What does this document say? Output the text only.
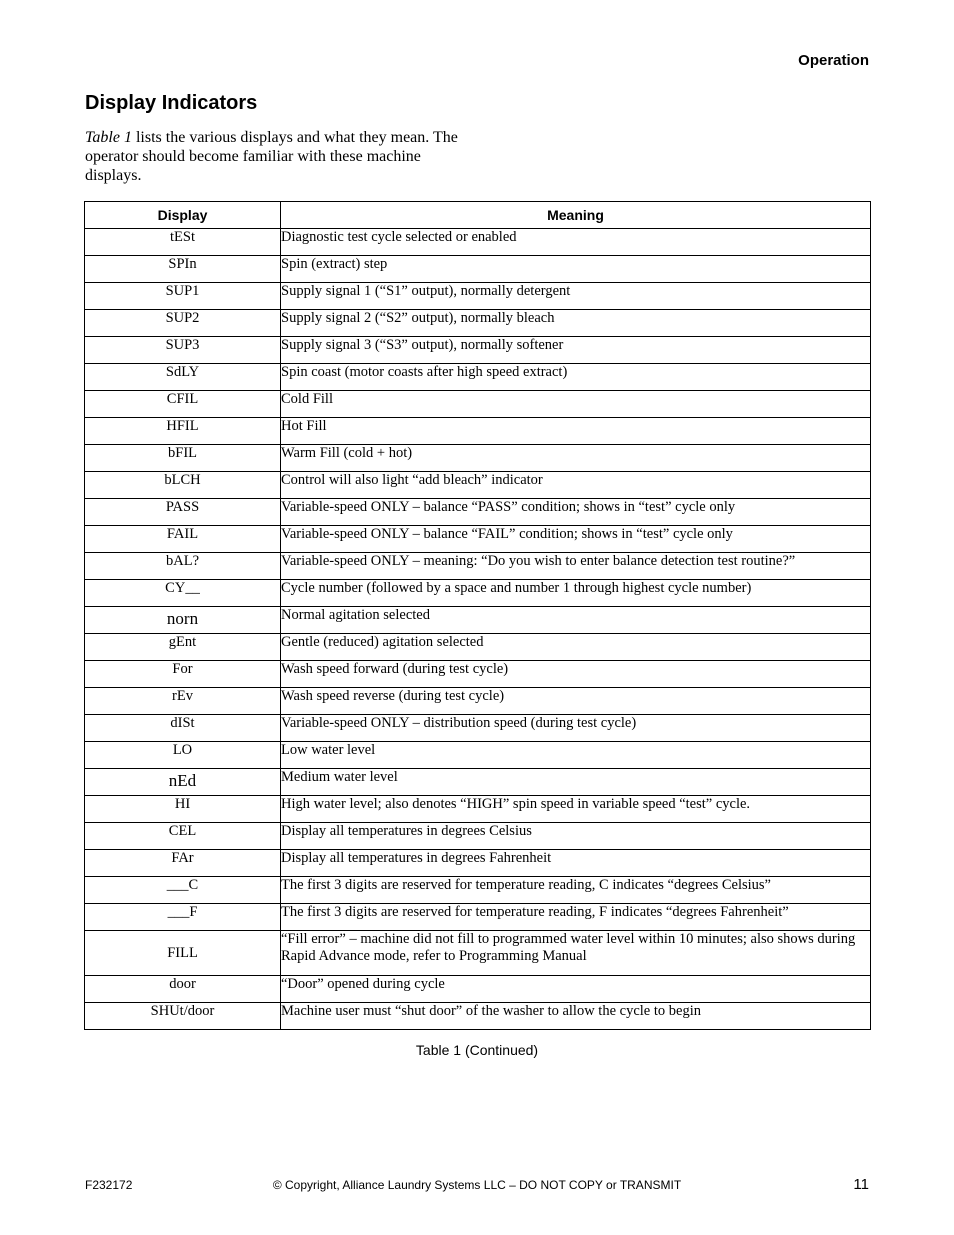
Operation
Display Indicators

Table 1 lists the various displays and what they mean. The operator should become familiar with these machine displays.

Display	Meaning
tESt	Diagnostic test cycle selected or enabled
SPIn	Spin (extract) step
SUP1	Supply signal 1 (“S1” output), normally detergent
SUP2	Supply signal 2 (“S2” output), normally bleach
SUP3	Supply signal 3 (“S3” output), normally softener
SdLY	Spin coast (motor coasts after high speed extract)
CFIL	Cold Fill
HFIL	Hot Fill
bFIL	Warm Fill (cold + hot)
bLCH	Control will also light “add bleach” indicator
PASS	Variable-speed ONLY – balance “PASS” condition; shows in “test” cycle only
FAIL	Variable-speed ONLY – balance “FAIL” condition; shows in “test” cycle only
bAL?	Variable-speed ONLY – meaning: “Do you wish to enter balance detection test routine?”
CY__	Cycle number (followed by a space and number 1 through highest cycle number)
norn	Normal agitation selected
gEnt	Gentle (reduced) agitation selected
For	Wash speed forward (during test cycle)
rEv	Wash speed reverse (during test cycle)
dISt	Variable-speed ONLY – distribution speed (during test cycle)
LO	Low water level
nEd	Medium water level
HI	High water level; also denotes “HIGH” spin speed in variable speed “test” cycle.
CEL	Display all temperatures in degrees Celsius
FAr	Display all temperatures in degrees Fahrenheit
___C	The first 3 digits are reserved for temperature reading, C indicates “degrees Celsius”
___F	The first 3 digits are reserved for temperature reading, F indicates “degrees Fahrenheit”
FILL	“Fill error” – machine did not fill to programmed water level within 10 minutes; also shows during Rapid Advance mode, refer to Programming Manual
door	“Door” opened during cycle
SHUt/door	Machine user must “shut door” of the washer to allow the cycle to begin
Table 1 (Continued)
F232172	© Copyright, Alliance Laundry Systems LLC – DO NOT COPY or TRANSMIT	11
